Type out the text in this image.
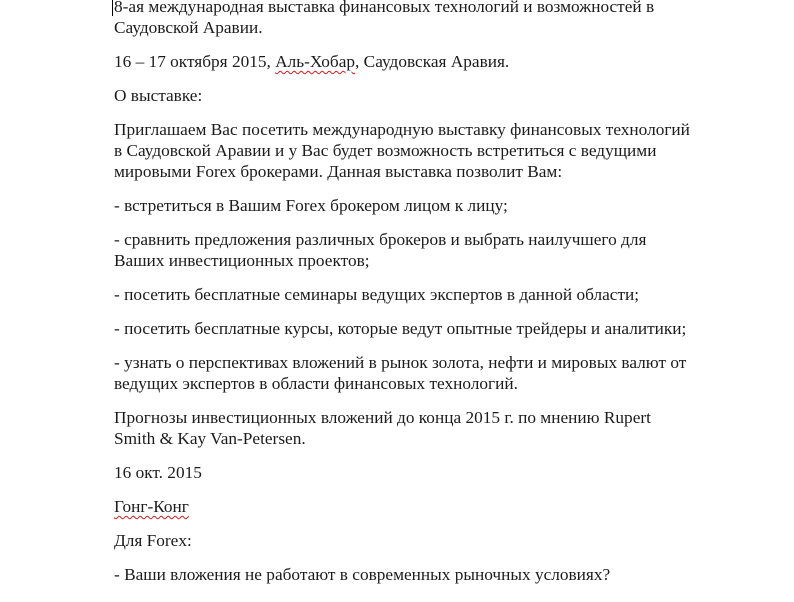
8-ая международная выставка финансовых технологий и возможностей в
Саудовской Аравии.

16 – 17 октября 2015, Аль-Хобар, Саудовская Аравия.

О выставке:

Приглашаем Вас посетить международную выставку финансовых технологий
в Саудовской Аравии и у Вас будет возможность встретиться с ведущими
мировыми Forex брокерами. Данная выставка позволит Вам:

- встретиться в Вашим Forex брокером лицом к лицу;

- сравнить предложения различных брокеров и выбрать наилучшего для
Ваших инвестиционных проектов;

- посетить бесплатные семинары ведущих экспертов в данной области;

- посетить бесплатные курсы, которые ведут опытные трейдеры и аналитики;

- узнать о перспективах вложений в рынок золота, нефти и мировых валют от
ведущих экспертов в области финансовых технологий.

Прогнозы инвестиционных вложений до конца 2015 г. по мнению Rupert
Smith & Kay Van-Petersen.

16 окт. 2015

Гонг-Конг

Для Forex:

- Ваши вложения не работают в современных рыночных условиях?
